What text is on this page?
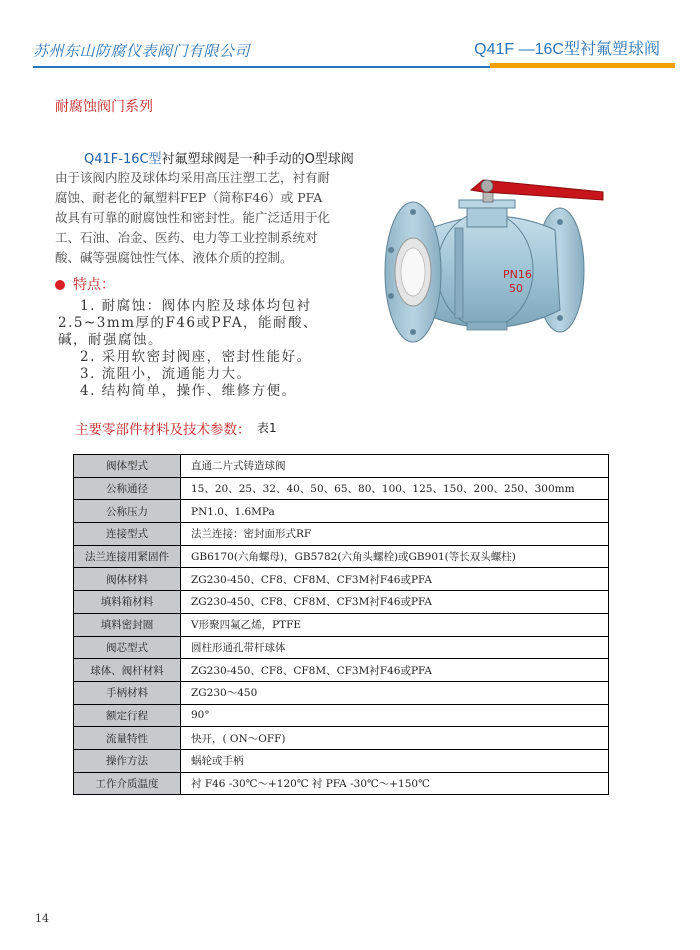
苏州东山防腐仪表阀门有限公司	Q41F —16C型衬氟塑球阀
耐腐蚀阀门系列
Q41F-16C型衬氟塑球阀是一种手动的O型球阀
由于该阀内腔及球体均采用高压注塑工艺，衬有耐腐蚀、耐老化的氟塑料FEP（简称F46）或 PFA 故具有可靠的耐腐蚀性和密封性。能广泛适用于化工、石油、冶金、医药、电力等工业控制系统对酸、碱等强腐蚀性气体、液体介质的控制。
特点：

1. 耐腐蚀：阀体内腔及球体均包衬2.5~3mm厚的F46或PFA，能耐酸、碱，耐强腐蚀。

2. 采用软密封阀座，密封性能好。

3. 流阻小，流通能力大。

4. 结构简单，操作、维修方便。

PN16
50
主要零部件材料及技术参数： 表1
阀体型式	直通二片式铸造球阀
公称通径	15、20、25、32、40、50、65、80、100、125、150、200、250、300mm
公称压力	PN1.0、1.6MPa
连接型式	法兰连接：密封面形式RF
法兰连接用紧固件	GB6170(六角螺母)，GB5782(六角头螺栓)或GB901(等长双头螺柱)
阀体材料	ZG230-450、CF8、CF8M、CF3M衬F46或PFA
填料箱材料	ZG230-450、CF8、CF8M、CF3M衬F46或PFA
填料密封圈	V形聚四氟乙烯，PTFE
阀芯型式	圆柱形通孔带杆球体
球体、阀杆材料	ZG230-450、CF8、CF8M、CF3M衬F46或PFA
手柄材料	ZG230～450
额定行程	90°
流量特性	快开，( ON～OFF)
操作方法	蜗轮或手柄
工作介质温度	衬 F46 -30℃～+120℃ 衬 PFA -30℃～+150℃
14
